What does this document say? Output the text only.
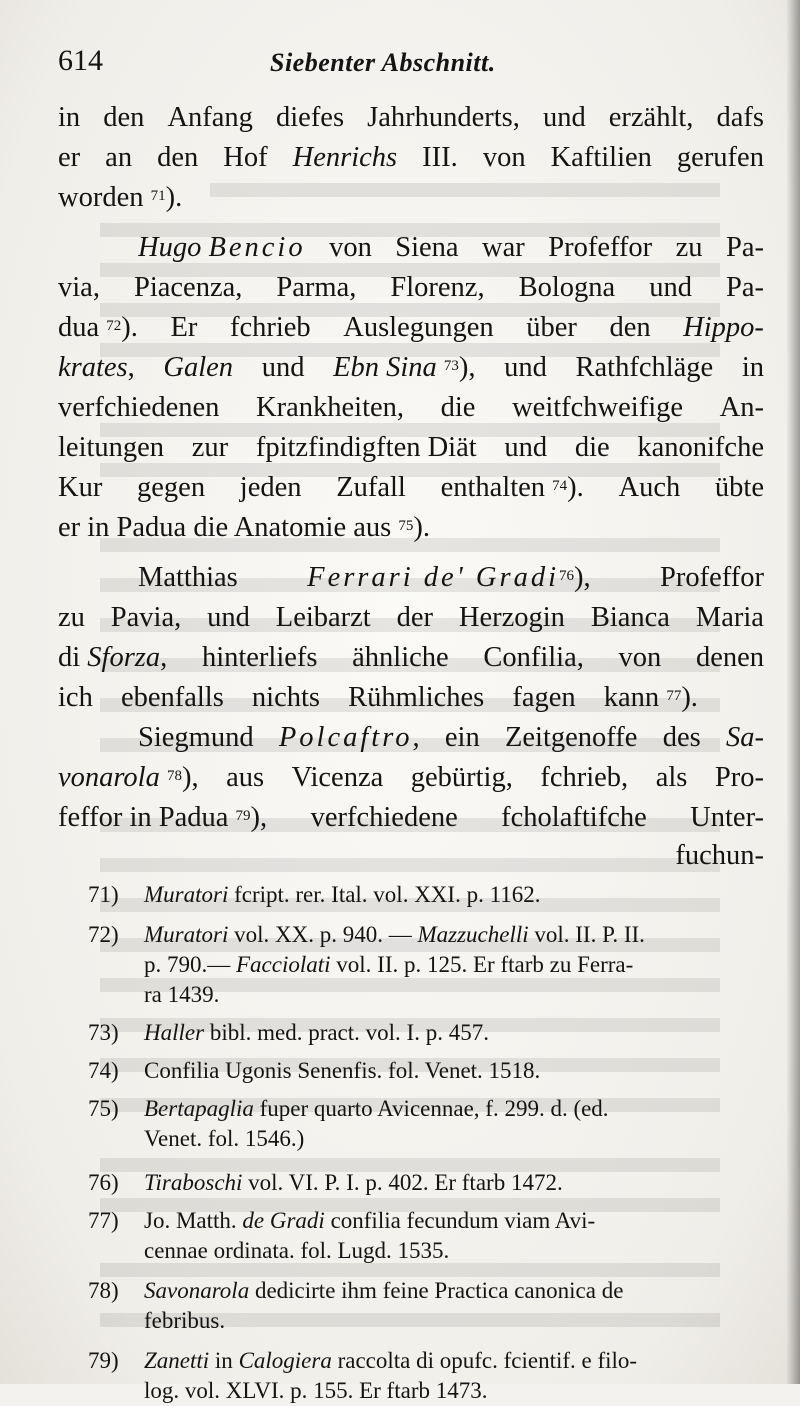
614	Siebenter Abschnitt.
in den Anfang diefes Jahrhunderts, und erzählt, dafs
er an den Hof Henrichs III. von Kaftilien gerufen
worden $^{71}$).
Hugo Bencio von Siena war Profeffor zu Pa-
via, Piacenza, Parma, Florenz, Bologna und Pa-
dua $^{72}$). Er fchrieb Auslegungen über den Hippo-
krates, Galen und Ebn Sina $^{73}$), und Rathfchläge in
verfchiedenen Krankheiten, die weitfchweifige An-
leitungen zur fpitzfindigften Diät und die kanonifche
Kur gegen jeden Zufall enthalten $^{74}$). Auch übte
er in Padua die Anatomie aus $^{75}$).
Matthias Ferrari de' Gradi$^{76}$), Profeffor
zu Pavia, und Leibarzt der Herzogin Bianca Maria
di Sforza, hinterliefs ähnliche Confilia, von denen
ich ebenfalls nichts Rühmliches fagen kann $^{77}$).
Siegmund Polcaftro, ein Zeitgenoffe des Sa-
vonarola $^{78}$), aus Vicenza gebürtig, fchrieb, als Pro-
feffor in Padua $^{79}$), verfchiedene fcholaftifche Unter-
fuchun-
71) Muratori fcript. rer. Ital. vol. XXI. p. 1162.
72) Muratori vol. XX. p. 940. — Mazzuchelli vol. II. P. II.
p. 790.— Facciolati vol. II. p. 125. Er ftarb zu Ferra-
ra 1439.
73) Haller bibl. med. pract. vol. I. p. 457.
74) Confilia Ugonis Senenfis. fol. Venet. 1518.
75) Bertapaglia fuper quarto Avicennae, f. 299. d. (ed.
Venet. fol. 1546.)
76) Tiraboschi vol. VI. P. I. p. 402. Er ftarb 1472.
77) Jo. Matth. de Gradi confilia fecundum viam Avi-
cennae ordinata. fol. Lugd. 1535.
78) Savonarola dedicirte ihm feine Practica canonica de
febribus.
79) Zanetti in Calogiera raccolta di opufc. fcientif. e filo-
log. vol. XLVI. p. 155. Er ftarb 1473.
